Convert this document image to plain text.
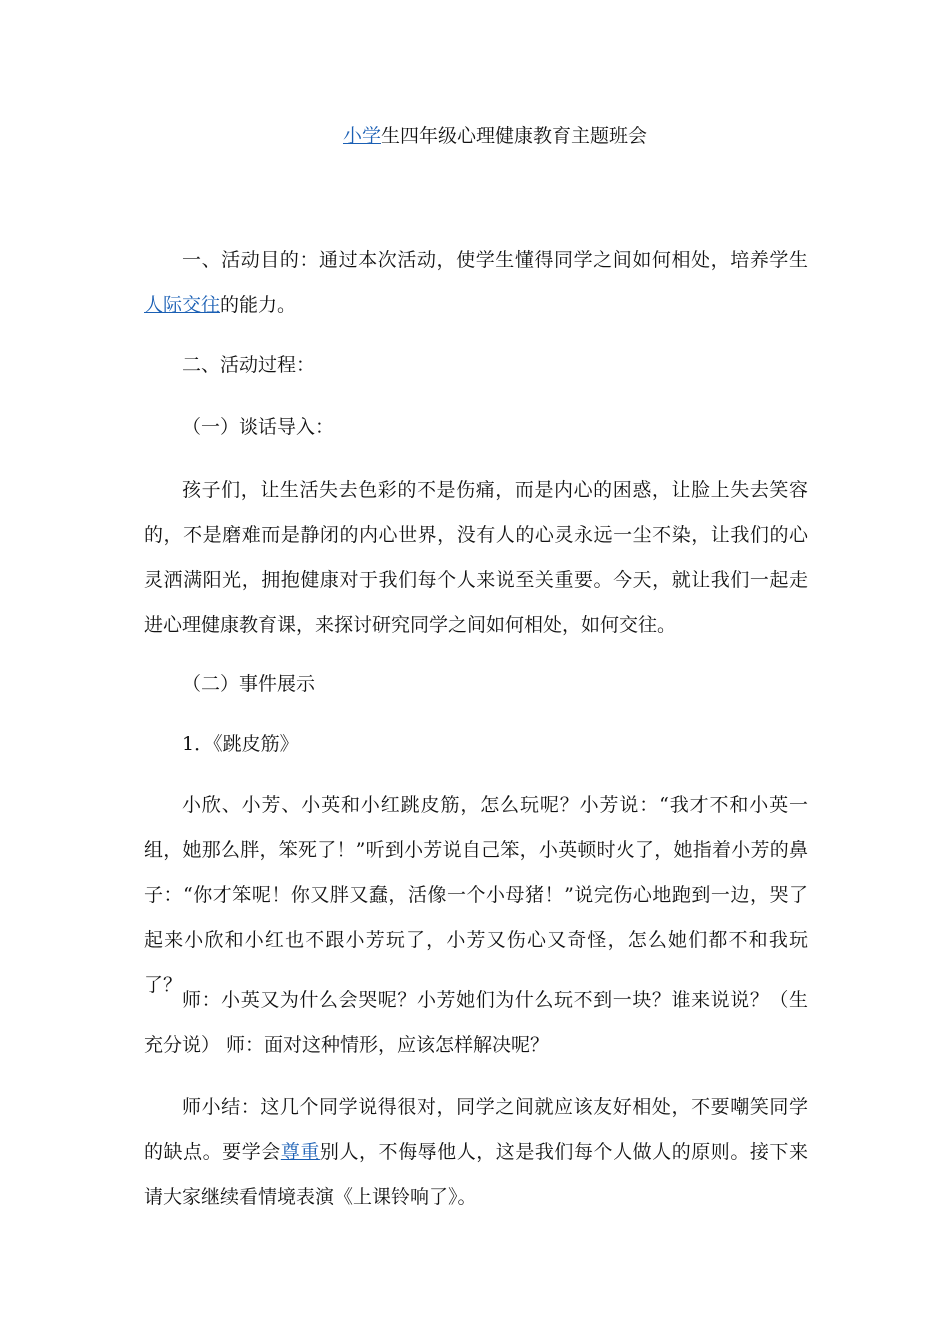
小学生四年级心理健康教育主题班会

一、活动目的：通过本次活动，使学生懂得同学之间如何相处，培养学生人际交往的能力。

二、活动过程：

（一）谈话导入：

孩子们，让生活失去色彩的不是伤痛，而是内心的困惑，让脸上失去笑容的，不是磨难而是静闭的内心世界，没有人的心灵永远一尘不染，让我们的心灵洒满阳光，拥抱健康对于我们每个人来说至关重要。今天，就让我们一起走进心理健康教育课，来探讨研究同学之间如何相处，如何交往。

（二）事件展示

1．《跳皮筋》

小欣、小芳、小英和小红跳皮筋，怎么玩呢？小芳说：“我才不和小英一组，她那么胖，笨死了！”听到小芳说自己笨，小英顿时火了，她指着小芳的鼻子：“你才笨呢！你又胖又蠢，活像一个小母猪！”说完伤心地跑到一边，哭了起来小欣和小红也不跟小芳玩了，小芳又伤心又奇怪，怎么她们都不和我玩了？

师：小英又为什么会哭呢？小芳她们为什么玩不到一块？谁来说说？（生充分说） 师：面对这种情形，应该怎样解决呢？

师小结：这几个同学说得很对，同学之间就应该友好相处，不要嘲笑同学的缺点。要学会尊重别人，不侮辱他人，这是我们每个人做人的原则。接下来请大家继续看情境表演《上课铃响了》。
